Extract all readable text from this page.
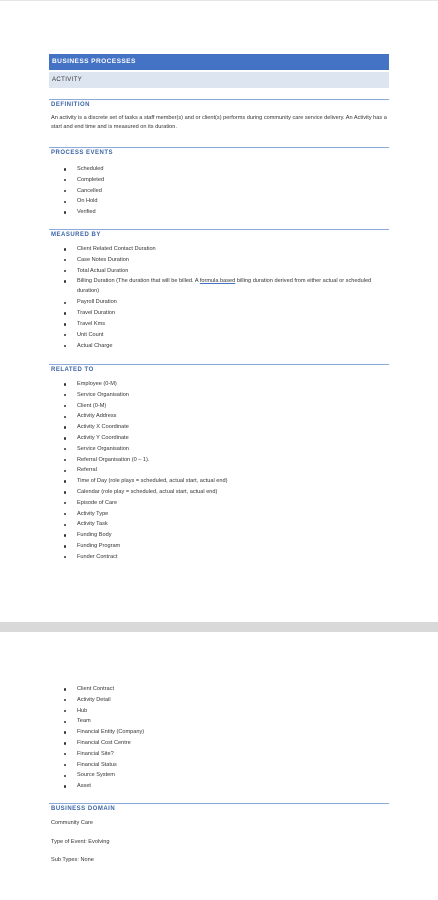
BUSINESS PROCESSES
ACTIVITY
DEFINITION

An activity is a discrete set of tasks a staff member(s) and or client(s) performs during community care service delivery. An Activity has a start and end time and is measured on its duration.

PROCESS EVENTS
Scheduled
Completed
Cancelled
On Hold
Verified
MEASURED BY
Client Related Contact Duration
Case Notes Duration
Total Actual Duration
Billing Duration (The duration that will be billed. A formula based billing duration derived from either actual or scheduled duration)
Payroll Duration
Travel Duration
Travel Kms
Unit Count
Actual Charge
RELATED TO
Employee (0-M)
Service Organisation
Client (0-M)
Activity Address
Activity X Coordinate
Activity Y Coordinate
Service Organisation
Referral Organisation (0 – 1).
Referral
Time of Day (role plays = scheduled, actual start, actual end)
Calendar (role play = scheduled, actual start, actual end)
Episode of Care
Activity Type
Activity Task
Funding Body
Funding Program
Funder Contract
Client Contract
Activity Detail
Hub
Team
Financial Entity (Company)
Financial Cost Centre
Financial Site?
Financial Status
Source System
Asset
BUSINESS DOMAIN

Community Care

Type of Event: Evolving

Sub Types: None
